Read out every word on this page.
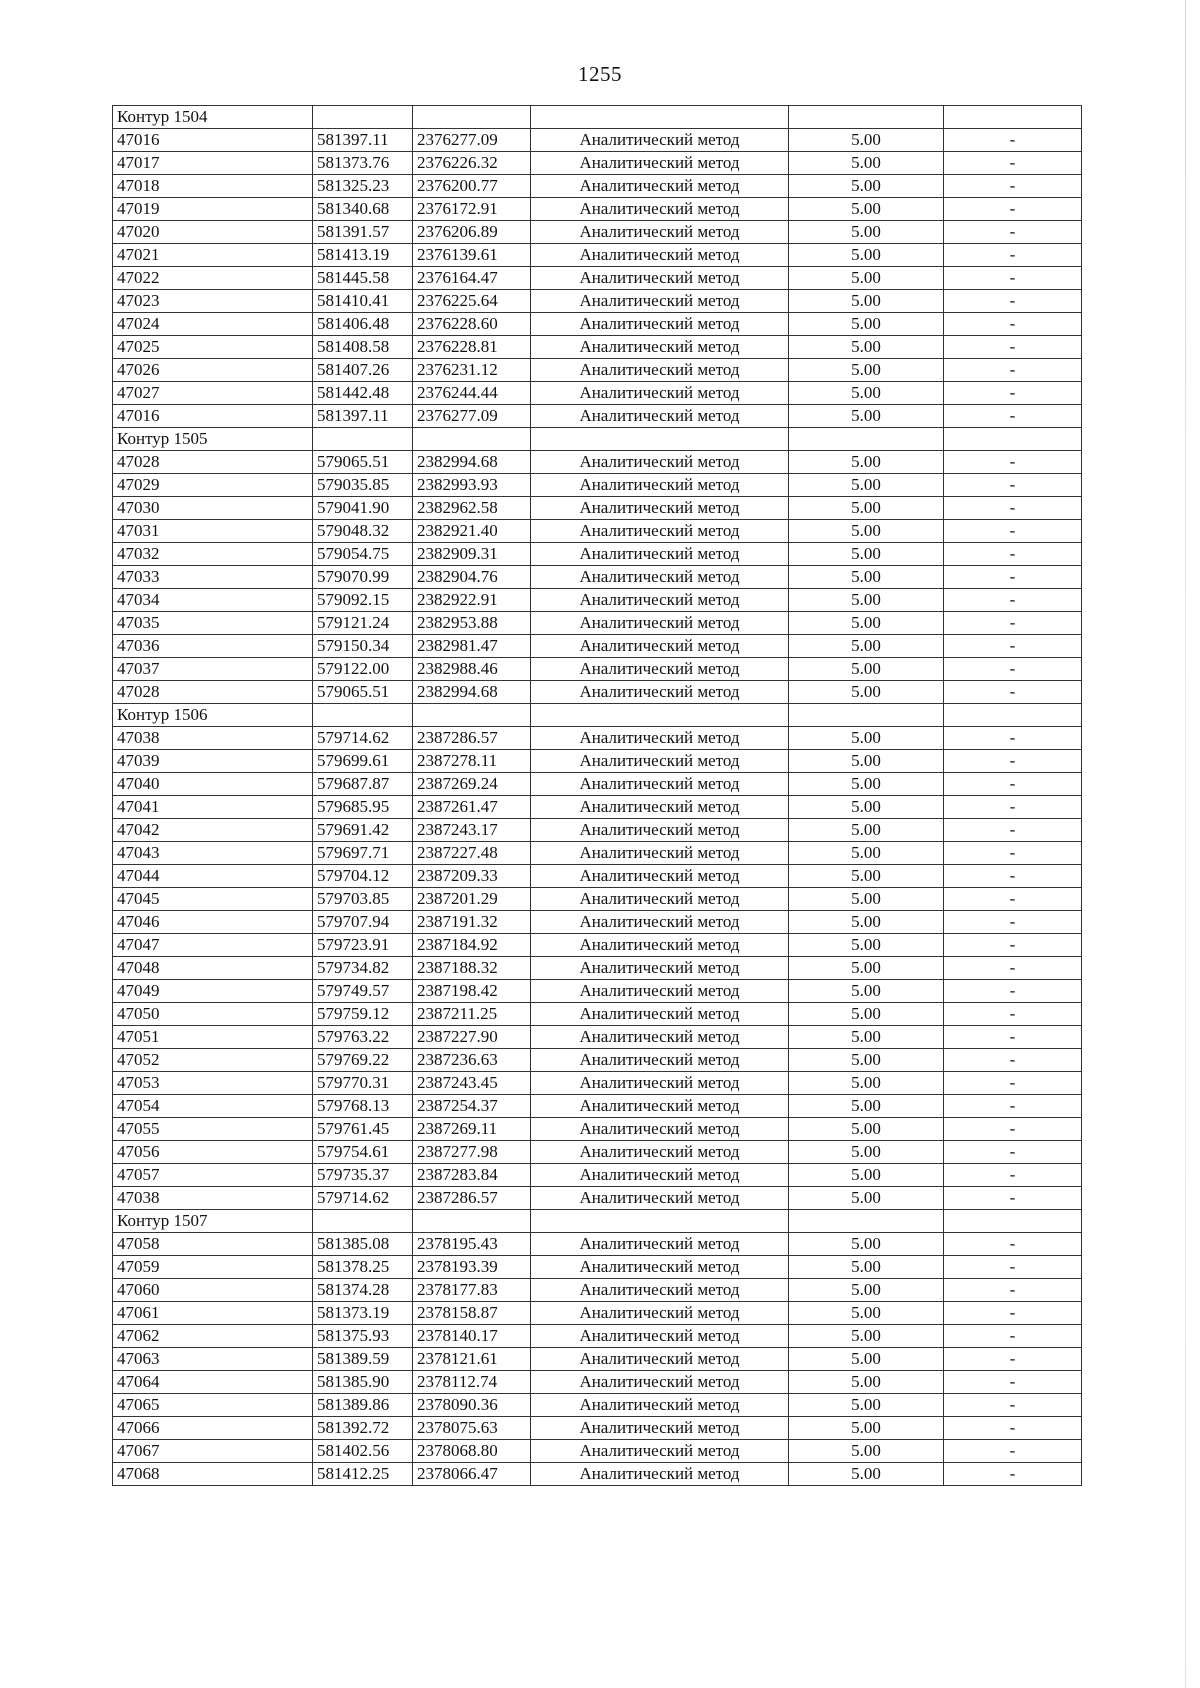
1255
Контур 1504					
47016	581397.11	2376277.09	Аналитический метод	5.00	-
47017	581373.76	2376226.32	Аналитический метод	5.00	-
47018	581325.23	2376200.77	Аналитический метод	5.00	-
47019	581340.68	2376172.91	Аналитический метод	5.00	-
47020	581391.57	2376206.89	Аналитический метод	5.00	-
47021	581413.19	2376139.61	Аналитический метод	5.00	-
47022	581445.58	2376164.47	Аналитический метод	5.00	-
47023	581410.41	2376225.64	Аналитический метод	5.00	-
47024	581406.48	2376228.60	Аналитический метод	5.00	-
47025	581408.58	2376228.81	Аналитический метод	5.00	-
47026	581407.26	2376231.12	Аналитический метод	5.00	-
47027	581442.48	2376244.44	Аналитический метод	5.00	-
47016	581397.11	2376277.09	Аналитический метод	5.00	-
Контур 1505					
47028	579065.51	2382994.68	Аналитический метод	5.00	-
47029	579035.85	2382993.93	Аналитический метод	5.00	-
47030	579041.90	2382962.58	Аналитический метод	5.00	-
47031	579048.32	2382921.40	Аналитический метод	5.00	-
47032	579054.75	2382909.31	Аналитический метод	5.00	-
47033	579070.99	2382904.76	Аналитический метод	5.00	-
47034	579092.15	2382922.91	Аналитический метод	5.00	-
47035	579121.24	2382953.88	Аналитический метод	5.00	-
47036	579150.34	2382981.47	Аналитический метод	5.00	-
47037	579122.00	2382988.46	Аналитический метод	5.00	-
47028	579065.51	2382994.68	Аналитический метод	5.00	-
Контур 1506					
47038	579714.62	2387286.57	Аналитический метод	5.00	-
47039	579699.61	2387278.11	Аналитический метод	5.00	-
47040	579687.87	2387269.24	Аналитический метод	5.00	-
47041	579685.95	2387261.47	Аналитический метод	5.00	-
47042	579691.42	2387243.17	Аналитический метод	5.00	-
47043	579697.71	2387227.48	Аналитический метод	5.00	-
47044	579704.12	2387209.33	Аналитический метод	5.00	-
47045	579703.85	2387201.29	Аналитический метод	5.00	-
47046	579707.94	2387191.32	Аналитический метод	5.00	-
47047	579723.91	2387184.92	Аналитический метод	5.00	-
47048	579734.82	2387188.32	Аналитический метод	5.00	-
47049	579749.57	2387198.42	Аналитический метод	5.00	-
47050	579759.12	2387211.25	Аналитический метод	5.00	-
47051	579763.22	2387227.90	Аналитический метод	5.00	-
47052	579769.22	2387236.63	Аналитический метод	5.00	-
47053	579770.31	2387243.45	Аналитический метод	5.00	-
47054	579768.13	2387254.37	Аналитический метод	5.00	-
47055	579761.45	2387269.11	Аналитический метод	5.00	-
47056	579754.61	2387277.98	Аналитический метод	5.00	-
47057	579735.37	2387283.84	Аналитический метод	5.00	-
47038	579714.62	2387286.57	Аналитический метод	5.00	-
Контур 1507					
47058	581385.08	2378195.43	Аналитический метод	5.00	-
47059	581378.25	2378193.39	Аналитический метод	5.00	-
47060	581374.28	2378177.83	Аналитический метод	5.00	-
47061	581373.19	2378158.87	Аналитический метод	5.00	-
47062	581375.93	2378140.17	Аналитический метод	5.00	-
47063	581389.59	2378121.61	Аналитический метод	5.00	-
47064	581385.90	2378112.74	Аналитический метод	5.00	-
47065	581389.86	2378090.36	Аналитический метод	5.00	-
47066	581392.72	2378075.63	Аналитический метод	5.00	-
47067	581402.56	2378068.80	Аналитический метод	5.00	-
47068	581412.25	2378066.47	Аналитический метод	5.00	-
